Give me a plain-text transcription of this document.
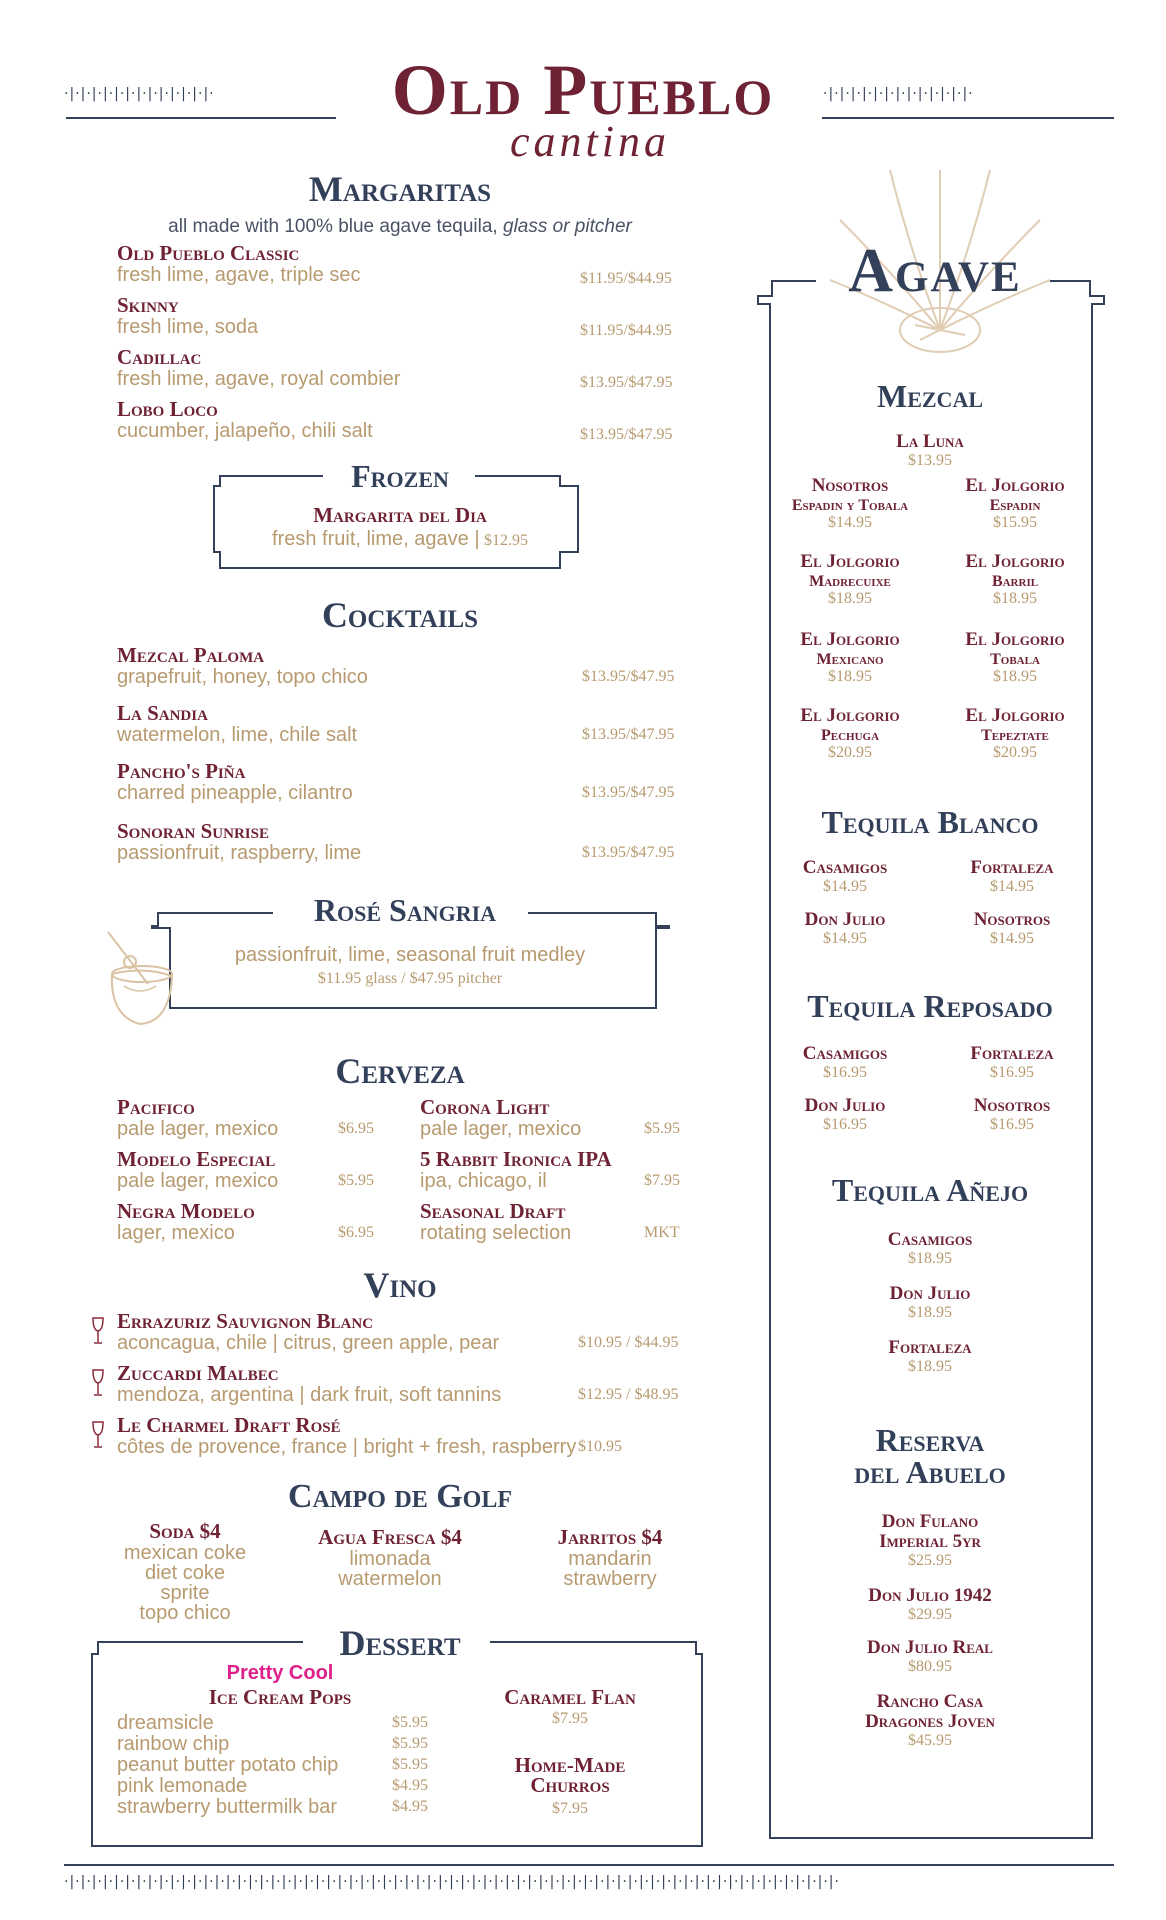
·|·|·|·|·|·|·|·|·|·|·|·|·|·	·|·|·|·|·|·|·|·|·|·|·|·|·|·
Old Pueblo
cantina
Margaritas
all made with 100% blue agave tequila, glass or pitcher
Old Pueblo Classic
fresh lime, agave, triple sec	$11.95/$44.95
Skinny
fresh lime, soda	$11.95/$44.95
Cadillac
fresh lime, agave, royal combier	$13.95/$47.95
Lobo Loco
cucumber, jalapeño, chili salt	$13.95/$47.95
Frozen
Margarita del Dia
fresh fruit, lime, agave | $12.95
Cocktails
Mezcal Paloma
grapefruit, honey, topo chico	$13.95/$47.95
La Sandia
watermelon, lime, chile salt	$13.95/$47.95
Pancho's Piña
charred pineapple, cilantro	$13.95/$47.95
Sonoran Sunrise
passionfruit, raspberry, lime	$13.95/$47.95
Rosé Sangria
passionfruit, lime, seasonal fruit medley
$11.95 glass / $47.95 pitcher
Cerveza
Pacifico
pale lager, mexico	$6.95
Modelo Especial
pale lager, mexico	$5.95
Negra Modelo
lager, mexico	$6.95
Corona Light
pale lager, mexico	$5.95
5 Rabbit Ironica IPA
ipa, chicago, il	$7.95
Seasonal Draft
rotating selection	MKT
Vino
Errazuriz Sauvignon Blanc
aconcagua, chile | citrus, green apple, pear	$10.95 / $44.95
Zuccardi Malbec
mendoza, argentina | dark fruit, soft tannins	$12.95 / $48.95
Le Charmel Draft Rosé
côtes de provence, france | bright + fresh, raspberry $10.95
Campo de Golf
Soda $4
mexican coke
diet coke
sprite
topo chico
Agua Fresca $4
limonada
watermelon
Jarritos $4
mandarin
strawberry
Dessert
Pretty Cool
Ice Cream Pops
dreamsicle	$5.95
rainbow chip	$5.95
peanut butter potato chip	$5.95
pink lemonade	$4.95
strawberry buttermilk bar	$4.95
Caramel Flan
$7.95
Home-Made
Churros
$7.95
·|·|·|·|·|·|·|·|·|·|·|·|·|·|·|·|·|·|·|·|·|·|·|·|·|·|·|·|·|·|·|·|·|·|·|·|·|·|·|·|·|·|·|·|·|·|·|·|·|·|·|·|·|·|·|·|·|·|·|·|·|·|·|·|·|·|·|·|·|·
Agave
Mezcal
La Luna
$13.95
Nosotros
Espadin y Tobala
$14.95
El Jolgorio
Espadin
$15.95
El Jolgorio
Madrecuixe
$18.95
El Jolgorio
Barril
$18.95
El Jolgorio
Mexicano
$18.95
El Jolgorio
Tobala
$18.95
El Jolgorio
Pechuga
$20.95
El Jolgorio
Tepeztate
$20.95
Tequila Blanco
Casamigos
$14.95
Fortaleza
$14.95
Don Julio
$14.95
Nosotros
$14.95
Tequila Reposado
Casamigos
$16.95
Fortaleza
$16.95
Don Julio
$16.95
Nosotros
$16.95
Tequila Añejo
Casamigos
$18.95
Don Julio
$18.95
Fortaleza
$18.95
Reserva
del Abuelo
Don Fulano
Imperial 5yr
$25.95
Don Julio 1942
$29.95
Don Julio Real
$80.95
Rancho Casa
Dragones Joven
$45.95
